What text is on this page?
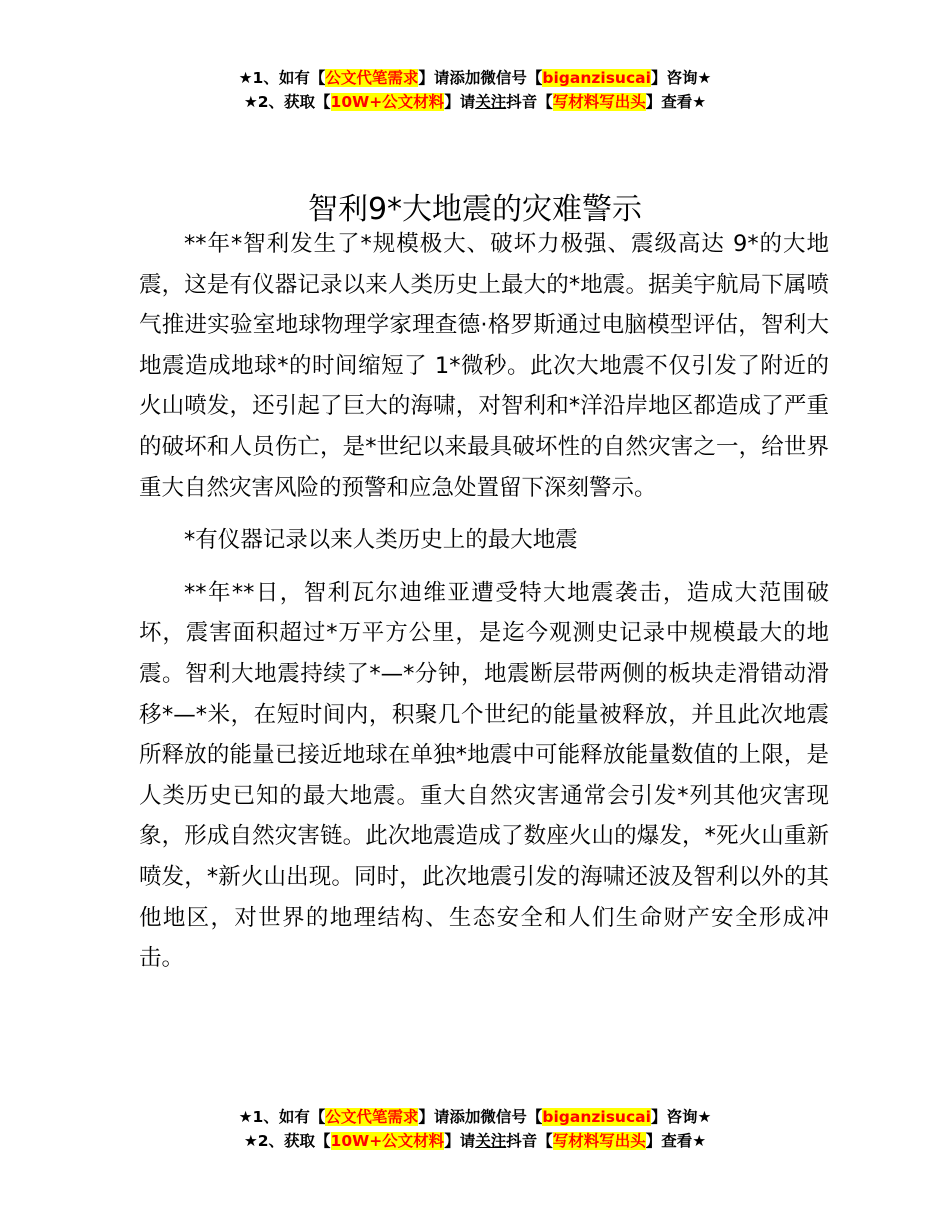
★1、如有【公文代笔需求】请添加微信号【biganzisucai】咨询★
★2、获取【10W+公文材料】请关注抖音【写材料写出头】查看★
智利9*大地震的灾难警示

**年*智利发生了*规模极大、破坏力极强、震级高达 9*的大地震，这是有仪器记录以来人类历史上最大的*地震。据美宇航局下属喷气推进实验室地球物理学家理查德·格罗斯通过电脑模型评估，智利大地震造成地球*的时间缩短了 1*微秒。此次大地震不仅引发了附近的火山喷发，还引起了巨大的海啸，对智利和*洋沿岸地区都造成了严重的破坏和人员伤亡，是*世纪以来最具破坏性的自然灾害之一，给世界重大自然灾害风险的预警和应急处置留下深刻警示。

*有仪器记录以来人类历史上的最大地震

**年**日，智利瓦尔迪维亚遭受特大地震袭击，造成大范围破坏，震害面积超过*万平方公里，是迄今观测史记录中规模最大的地震。智利大地震持续了*—*分钟，地震断层带两侧的板块走滑错动滑移*—*米，在短时间内，积聚几个世纪的能量被释放，并且此次地震所释放的能量已接近地球在单独*地震中可能释放能量数值的上限，是人类历史已知的最大地震。重大自然灾害通常会引发*列其他灾害现象，形成自然灾害链。此次地震造成了数座火山的爆发，*死火山重新喷发，*新火山出现。同时，此次地震引发的海啸还波及智利以外的其他地区，对世界的地理结构、生态安全和人们生命财产安全形成冲击。

★1、如有【公文代笔需求】请添加微信号【biganzisucai】咨询★
★2、获取【10W+公文材料】请关注抖音【写材料写出头】查看★
